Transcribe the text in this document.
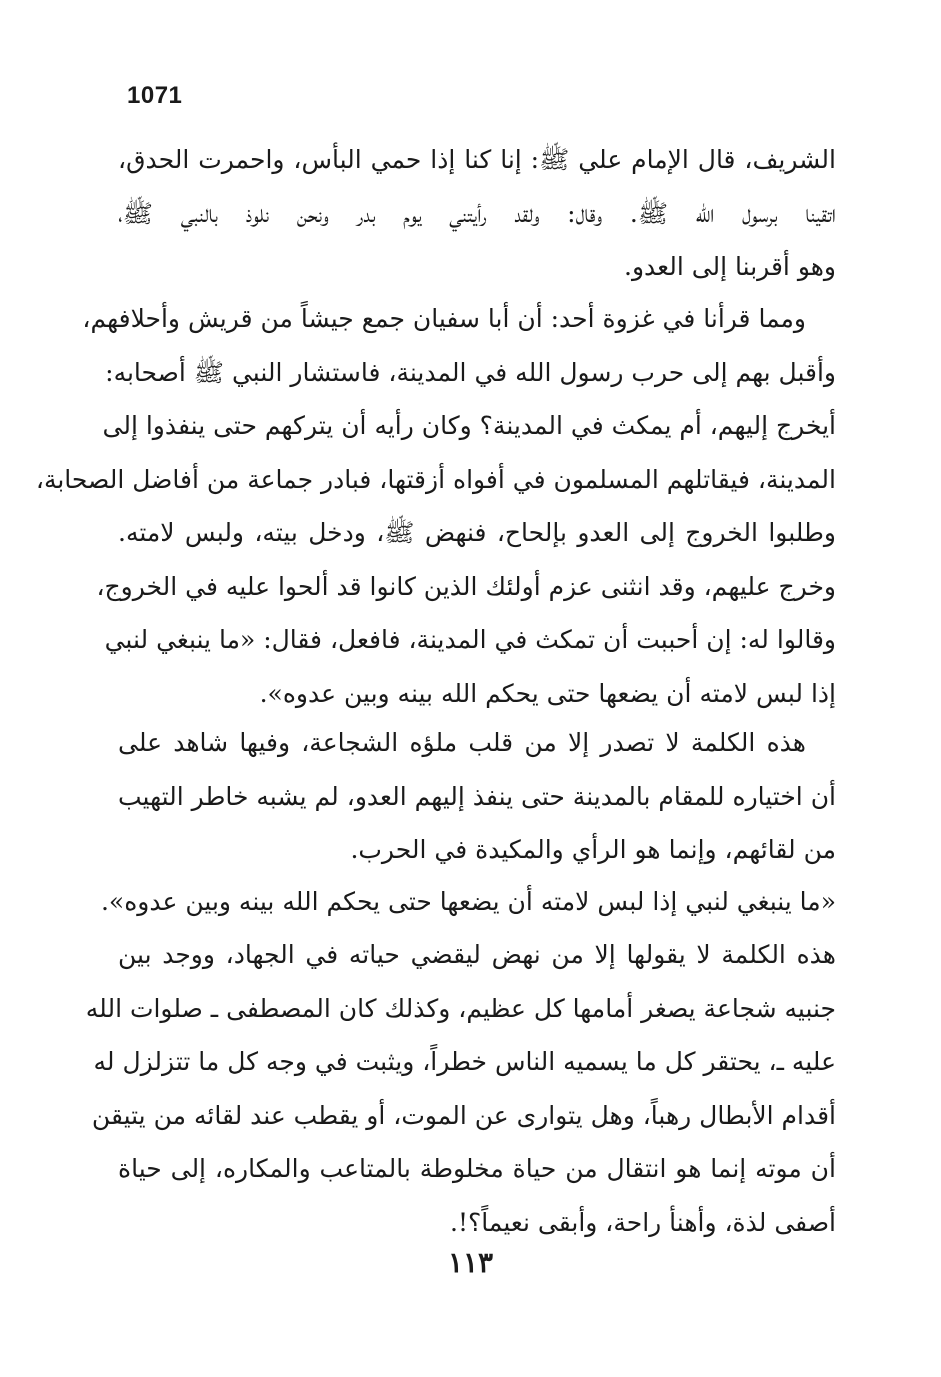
1071
الشريف، قال الإمام علي ﷺ: إنا كنا إذا حمي البأس، واحمرت الحدق،
اتقينا برسول الله ﷺ. وقال: ولقد رأيتني يوم بدر ونحن نلوذ بالنبي ﷺ،
وهو أقربنا إلى العدو.
ومما قرأنا في غزوة أحد: أن أبا سفيان جمع جيشاً من قريش وأحلافهم،
وأقبل بهم إلى حرب رسول الله في المدينة، فاستشار النبي ﷺ أصحابه:
أيخرج إليهم، أم يمكث في المدينة؟ وكان رأيه أن يتركهم حتى ينفذوا إلى
المدينة، فيقاتلهم المسلمون في أفواه أزقتها، فبادر جماعة من أفاضل الصحابة،
وطلبوا الخروج إلى العدو بإلحاح، فنهض ﷺ، ودخل بيته، ولبس لامته.
وخرج عليهم، وقد انثنى عزم أولئك الذين كانوا قد ألحوا عليه في الخروج،
وقالوا له: إن أحببت أن تمكث في المدينة، فافعل، فقال: «ما ينبغي لنبي
إذا لبس لامته أن يضعها حتى يحكم الله بينه وبين عدوه».
هذه الكلمة لا تصدر إلا من قلب ملؤه الشجاعة، وفيها شاهد على
أن اختياره للمقام بالمدينة حتى ينفذ إليهم العدو، لم يشبه خاطر التهيب
من لقائهم، وإنما هو الرأي والمكيدة في الحرب.
«ما ينبغي لنبي إذا لبس لامته أن يضعها حتى يحكم الله بينه وبين عدوه».
هذه الكلمة لا يقولها إلا من نهض ليقضي حياته في الجهاد، ووجد بين
جنبيه شجاعة يصغر أمامها كل عظيم، وكذلك كان المصطفى ـ صلوات الله
عليه ـ، يحتقر كل ما يسميه الناس خطراً، ويثبت في وجه كل ما تتزلزل له
أقدام الأبطال رهباً، وهل يتوارى عن الموت، أو يقطب عند لقائه من يتيقن
أن موته إنما هو انتقال من حياة مخلوطة بالمتاعب والمكاره، إلى حياة
أصفى لذة، وأهنأ راحة، وأبقى نعيماً؟!.
١١٣
